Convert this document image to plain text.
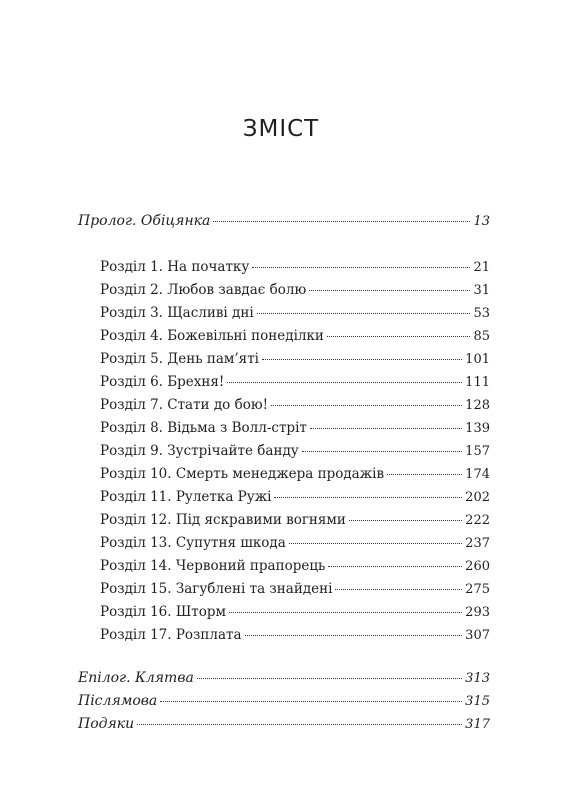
ЗМІСТ
Пролог. Обіцянка	13
Розділ 1. На початку	21
Розділ 2. Любов завдає болю	31
Розділ 3. Щасливі дні	53
Розділ 4. Божевільні понеділки	85
Розділ 5. День пам’яті	101
Розділ 6. Брехня!	111
Розділ 7. Стати до бою!	128
Розділ 8. Відьма з Волл-стріт	139
Розділ 9. Зустрічайте банду	157
Розділ 10. Смерть менеджера продажів	174
Розділ 11. Рулетка Ружі	202
Розділ 12. Під яскравими вогнями	222
Розділ 13. Супутня шкода	237
Розділ 14. Червоний прапорець	260
Розділ 15. Загублені та знайдені	275
Розділ 16. Шторм	293
Розділ 17. Розплата	307
Епілог. Клятва	313
Післямова	315
Подяки	317
